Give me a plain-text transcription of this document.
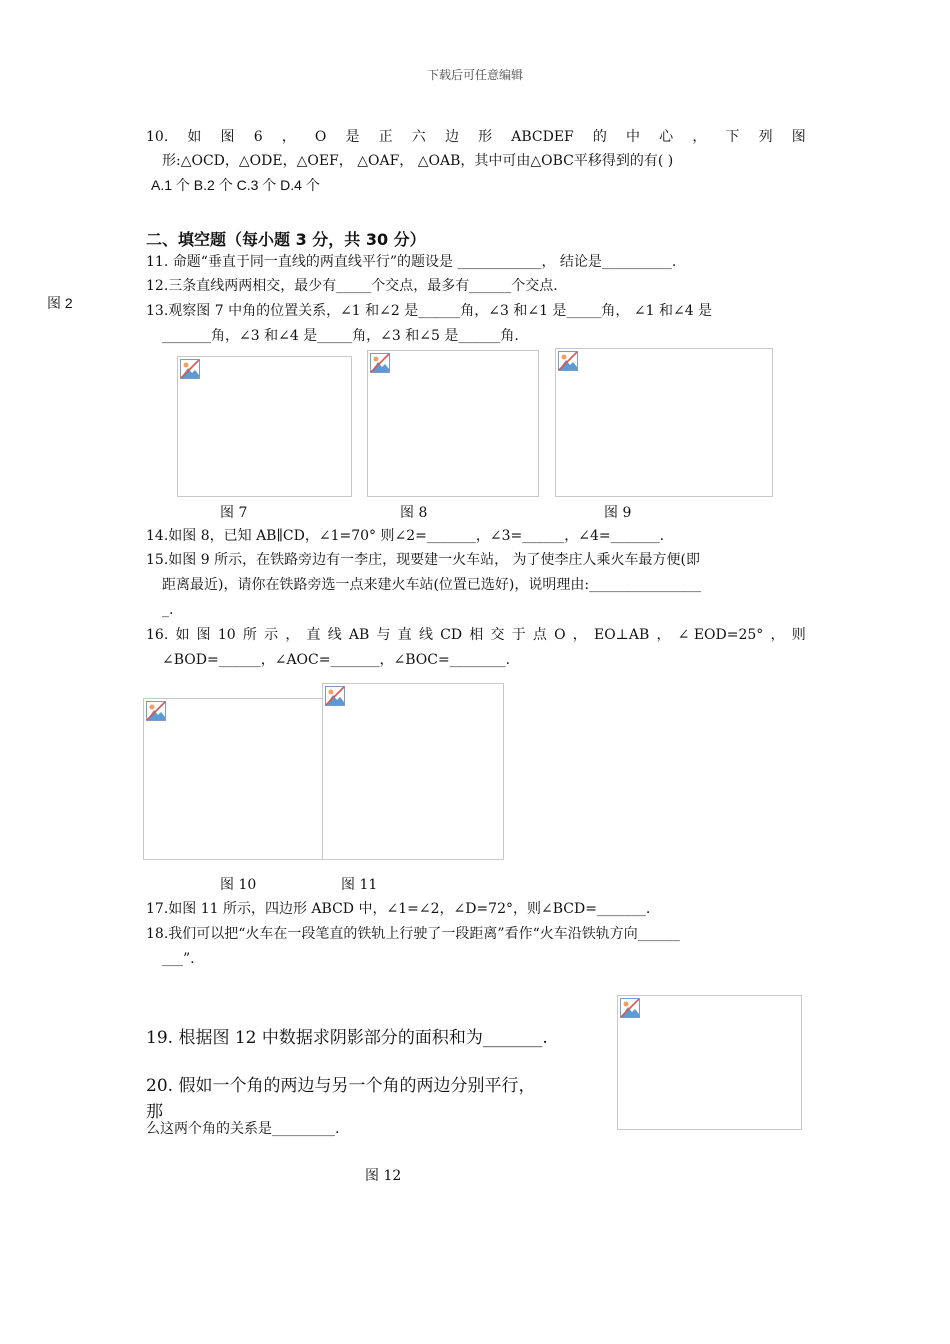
下载后可任意编辑
图 2
10. 如 图 6 ， O 是 正 六 边 形 ABCDEF 的 中 心 ， 下 列 图
形:△OCD，△ODE，△OEF， △OAF， △OAB，其中可由△OBC平移得到的有( )
A.1 个 B.2 个 C.3 个 D.4 个
二、填空题（每小题 3 分，共 30 分）
11. 命题“垂直于同一直线的两直线平行”的题设是 ____________， 结论是__________.
12.三条直线两两相交，最少有_____个交点，最多有______个交点.
13.观察图 7 中角的位置关系，∠1 和∠2 是______角，∠3 和∠1 是_____角， ∠1 和∠4 是
_______角，∠3 和∠4 是_____角，∠3 和∠5 是______角.
图 7	图 8	图 9
14.如图 8，已知 AB∥CD，∠1=70° 则∠2=_______，∠3=______，∠4=_______.
15.如图 9 所示，在铁路旁边有一李庄，现要建一火车站， 为了使李庄人乘火车最方便(即
距离最近)，请你在铁路旁选一点来建火车站(位置已选好)，说明理由:________________
_.
16. 如 图 10 所 示 ， 直 线 AB 与 直 线 CD 相 交 于 点 O ， EO⊥AB ， ∠ EOD=25° ， 则
∠BOD=______，∠AOC=_______，∠BOC=________.
图 10	图 11
17.如图 11 所示，四边形 ABCD 中，∠1=∠2，∠D=72°，则∠BCD=_______.
18.我们可以把“火车在一段笔直的铁轨上行驶了一段距离”看作“火车沿铁轨方向______
___”.
19. 根据图 12 中数据求阴影部分的面积和为_______.
20. 假如一个角的两边与另一个角的两边分别平行，
那
么这两个角的关系是_________.
图 12
